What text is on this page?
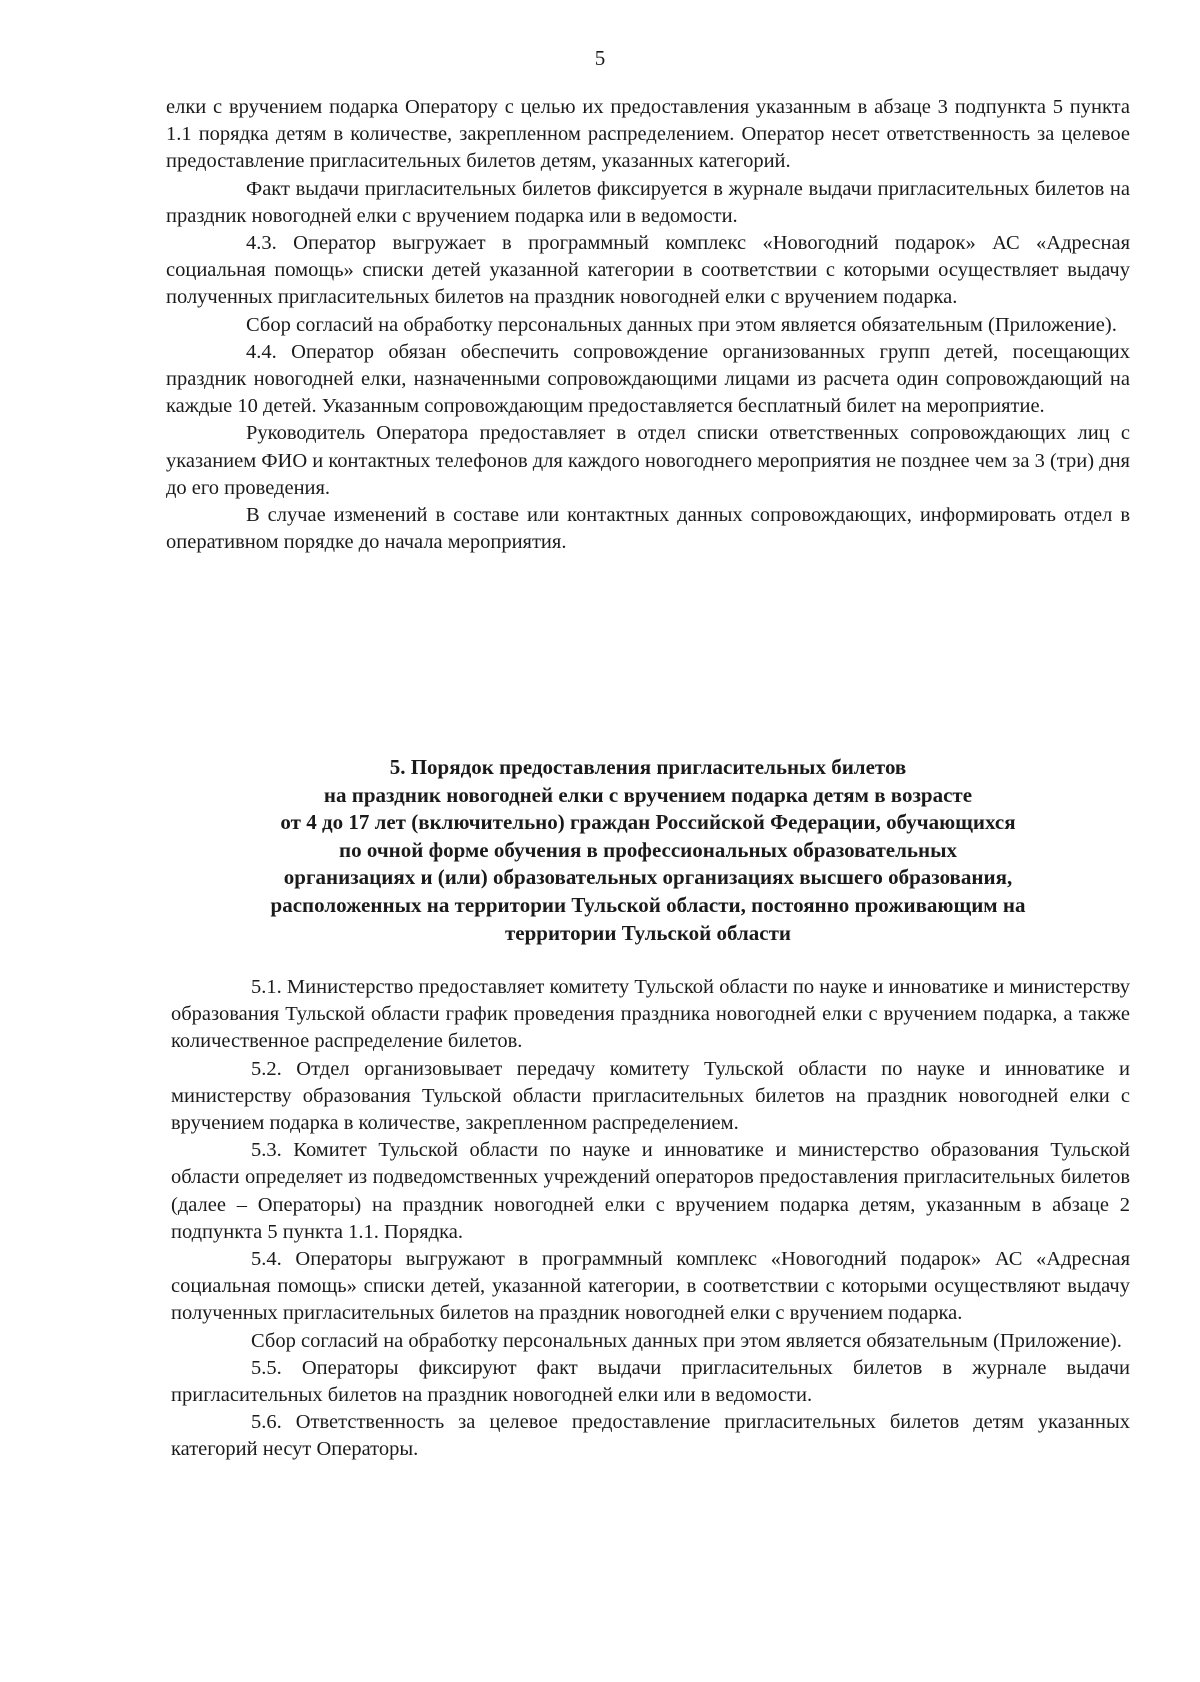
5

елки с вручением подарка Оператору с целью их предоставления указанным в абзаце 3 подпункта 5 пункта 1.1 порядка детям в количестве, закрепленном распределением. Оператор несет ответственность за целевое предоставление пригласительных билетов детям, указанных категорий.

Факт выдачи пригласительных билетов фиксируется в журнале выдачи пригласительных билетов на праздник новогодней елки с вручением подарка или в ведомости.

4.3. Оператор выгружает в программный комплекс «Новогодний подарок» АС «Адресная социальная помощь» списки детей указанной категории в соответствии с которыми осуществляет выдачу полученных пригласительных билетов на праздник новогодней елки с вручением подарка.

Сбор согласий на обработку персональных данных при этом является обязательным (Приложение).

4.4. Оператор обязан обеспечить сопровождение организованных групп детей, посещающих праздник новогодней елки, назначенными сопровождающими лицами из расчета один сопровождающий на каждые 10 детей. Указанным сопровождающим предоставляется бесплатный билет на мероприятие.

Руководитель Оператора предоставляет в отдел списки ответственных сопровождающих лиц с указанием ФИО и контактных телефонов для каждого новогоднего мероприятия не позднее чем за 3 (три) дня до его проведения.

В случае изменений в составе или контактных данных сопровождающих, информировать отдел в оперативном порядке до начала мероприятия.

5. Порядок предоставления пригласительных билетов
на праздник новогодней елки с вручением подарка детям в возрасте
от 4 до 17 лет (включительно) граждан Российской Федерации, обучающихся
по очной форме обучения в профессиональных образовательных
организациях и (или) образовательных организациях высшего образования,
расположенных на территории Тульской области, постоянно проживающим на
территории Тульской области

5.1. Министерство предоставляет комитету Тульской области по науке и инноватике и министерству образования Тульской области график проведения праздника новогодней елки с вручением подарка, а также количественное распределение билетов.

5.2. Отдел организовывает передачу комитету Тульской области по науке и инноватике и министерству образования Тульской области пригласительных билетов на праздник новогодней елки с вручением подарка в количестве, закрепленном распределением.

5.3. Комитет Тульской области по науке и инноватике и министерство образования Тульской области определяет из подведомственных учреждений операторов предоставления пригласительных билетов (далее – Операторы) на праздник новогодней елки с вручением подарка детям, указанным в абзаце 2 подпункта 5 пункта 1.1. Порядка.

5.4. Операторы выгружают в программный комплекс «Новогодний подарок» АС «Адресная социальная помощь» списки детей, указанной категории, в соответствии с которыми осуществляют выдачу полученных пригласительных билетов на праздник новогодней елки с вручением подарка.

Сбор согласий на обработку персональных данных при этом является обязательным (Приложение).

5.5. Операторы фиксируют факт выдачи пригласительных билетов в журнале выдачи пригласительных билетов на праздник новогодней елки или в ведомости.

5.6. Ответственность за целевое предоставление пригласительных билетов детям указанных категорий несут Операторы.
